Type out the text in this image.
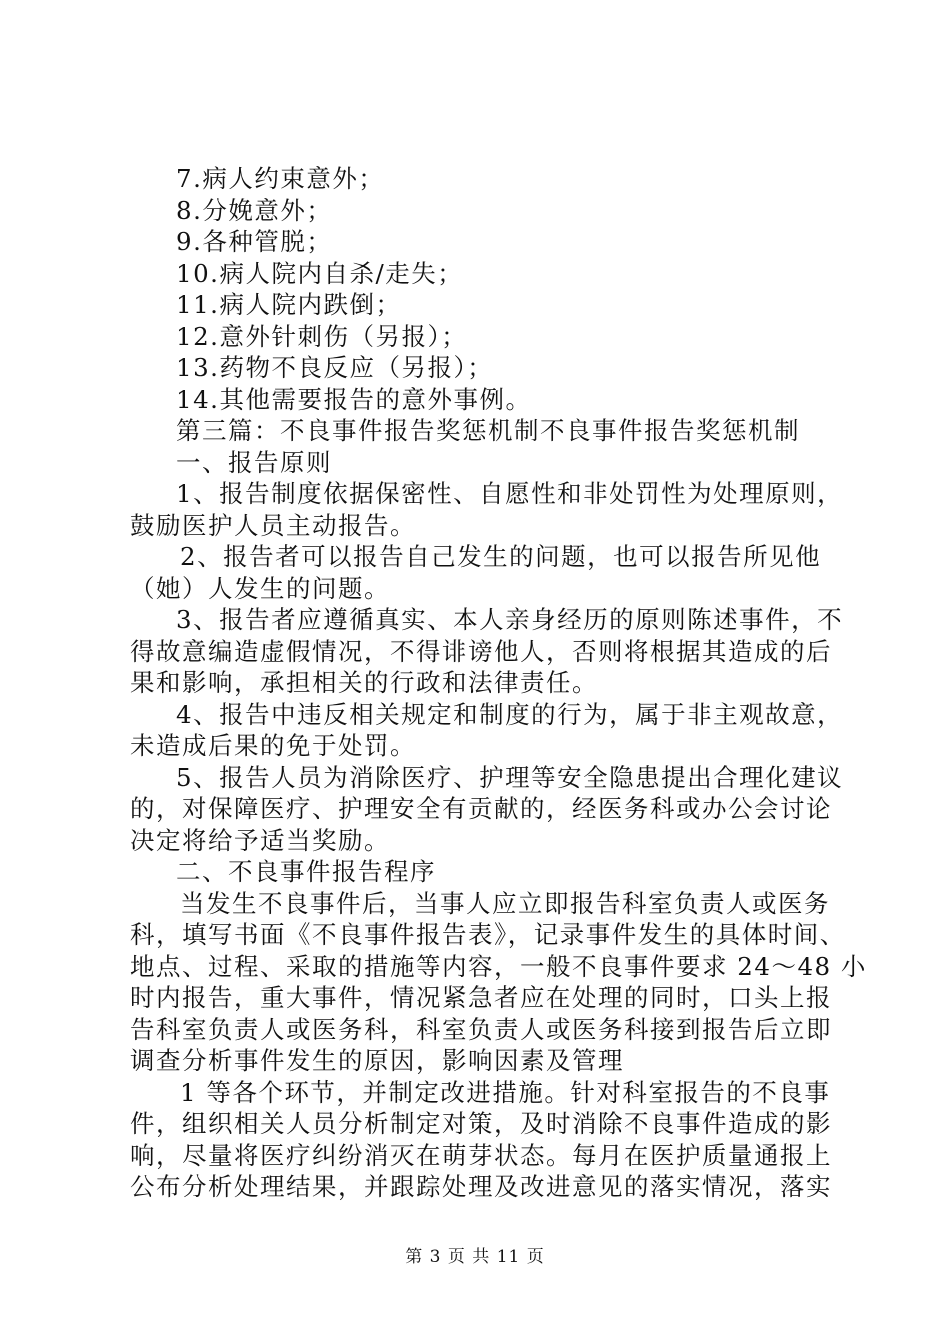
7.病人约束意外；

8.分娩意外；

9.各种管脱；

10.病人院内自杀/走失；

11.病人院内跌倒；

12.意外针刺伤（另报）；

13.药物不良反应（另报）；

14.其他需要报告的意外事例。

第三篇：不良事件报告奖惩机制不良事件报告奖惩机制

一、报告原则

1、报告制度依据保密性、自愿性和非处罚性为处理原则，

鼓励医护人员主动报告。

2、报告者可以报告自己发生的问题，也可以报告所见他

（她）人发生的问题。

3、报告者应遵循真实、本人亲身经历的原则陈述事件，不

得故意编造虚假情况，不得诽谤他人，否则将根据其造成的后

果和影响，承担相关的行政和法律责任。

4、报告中违反相关规定和制度的行为，属于非主观故意，

未造成后果的免于处罚。

5、报告人员为消除医疗、护理等安全隐患提出合理化建议

的，对保障医疗、护理安全有贡献的，经医务科或办公会讨论

决定将给予适当奖励。

二、不良事件报告程序

当发生不良事件后，当事人应立即报告科室负责人或医务

科，填写书面《不良事件报告表》，记录事件发生的具体时间、

地点、过程、采取的措施等内容，一般不良事件要求 24～48 小

时内报告，重大事件，情况紧急者应在处理的同时，口头上报

告科室负责人或医务科，科室负责人或医务科接到报告后立即

调查分析事件发生的原因，影响因素及管理

1 等各个环节，并制定改进措施。针对科室报告的不良事

件，组织相关人员分析制定对策，及时消除不良事件造成的影

响，尽量将医疗纠纷消灭在萌芽状态。每月在医护质量通报上

公布分析处理结果，并跟踪处理及改进意见的落实情况，落实

第 3 页 共 11 页
